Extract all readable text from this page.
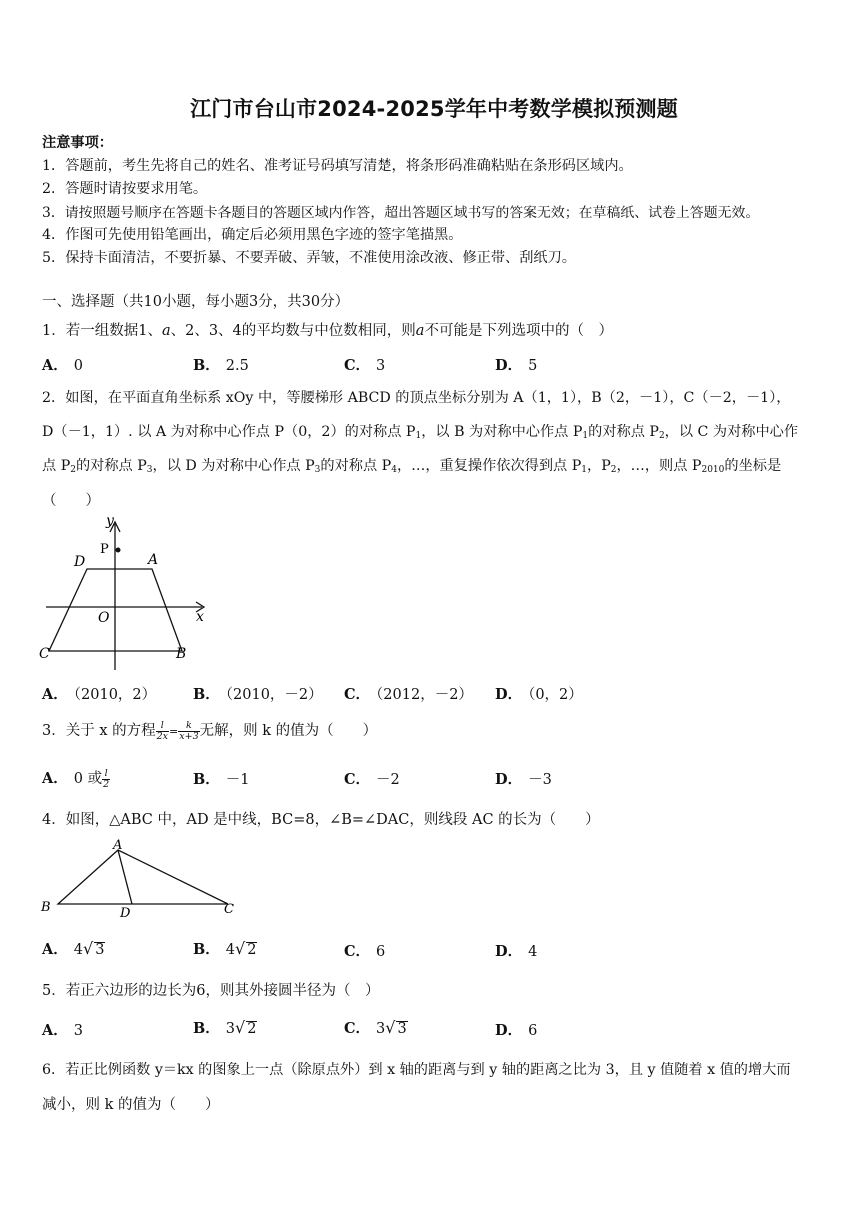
江门市台山市2024-2025学年中考数学模拟预测题
注意事项：
1．答题前，考生先将自己的姓名、准考证号码填写清楚，将条形码准确粘贴在条形码区域内。
2．答题时请按要求用笔。
3．请按照题号顺序在答题卡各题目的答题区域内作答，超出答题区域书写的答案无效；在草稿纸、试卷上答题无效。
4．作图可先使用铅笔画出，确定后必须用黑色字迹的签字笔描黑。
5．保持卡面清洁，不要折暴、不要弄破、弄皱，不准使用涂改液、修正带、刮纸刀。
一、选择题（共10小题，每小题3分，共30分）
1．若一组数据1、a、2、3、4的平均数与中位数相同，则a不可能是下列选项中的（　）
A． 0	B． 2.5	C． 3	D． 5
2．如图，在平面直角坐标系 xOy 中，等腰梯形 ABCD 的顶点坐标分别为 A（1，1），B（2，－1），C（－2，－1），
D（－1，1）. 以 A 为对称中心作点 P（0，2）的对称点 $P_1$，以 B 为对称中心作点 $P_1$的对称点 $P_2$，以 C 为对称中心作
点 $P_2$的对称点 $P_3$，以 D 为对称中心作点 $P_3$的对称点 $P_4$，…，重复操作依次得到点 $P_1$，$P_2$，…，则点 $P_{2010}$的坐标是
（　　）
D	A
P
y
O	x
C	B
A． （2010，2）	B． （2010，－2） C． （2012，－2） D． （0，2）
3．关于 x 的方程 $\frac{l}{2x} = \frac{k}{x+3}$ 无解，则 k 的值为（　　）
A． 0 或 $\frac{l}{2}$	B． －1	C． －2	D． －3
4．如图，△ABC 中，AD 是中线，BC=8，∠B=∠DAC，则线段 AC 的长为（　　）
A
B	D	C
A． 4√ 3	B． 4√ 2	C． 6	D． 4
5．若正六边形的边长为6，则其外接圆半径为（　）
A． 3	B． 3√ 2	C． 3√ 3	D． 6
6．若正比例函数 y＝kx 的图象上一点（除原点外）到 x 轴的距离与到 y 轴的距离之比为 3，且 y 值随着 x 值的增大而
减小，则 k 的值为（　　）
